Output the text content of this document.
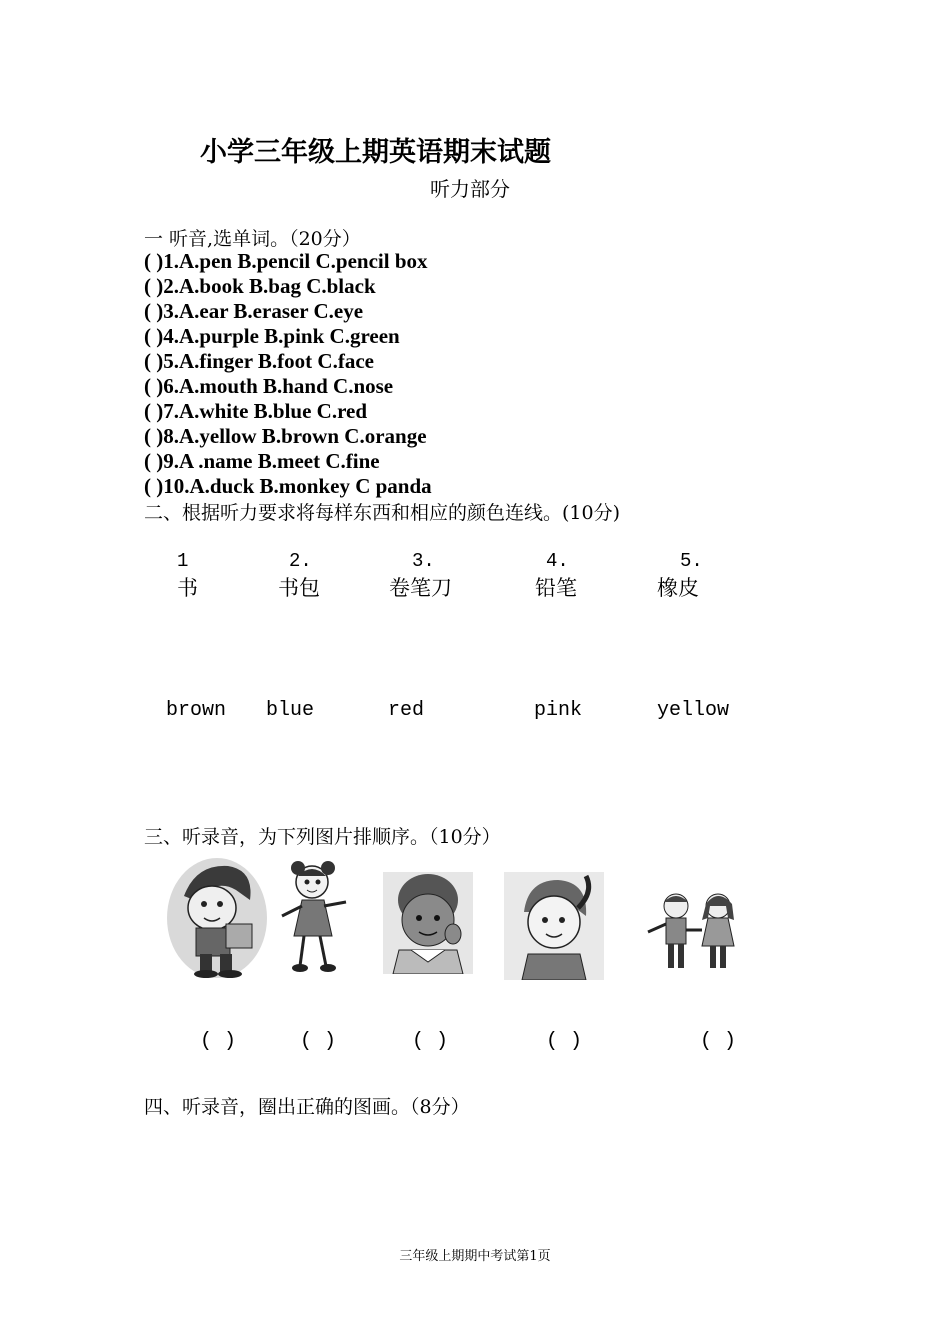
小学三年级上期英语期末试题
听力部分
一 听音,选单词。（20分）
( )1.A.pen B.pencil C.pencil box
( )2.A.book B.bag C.black
( )3.A.ear B.eraser C.eye
( )4.A.purple B.pink C.green
( )5.A.finger B.foot C.face
( )6.A.mouth B.hand C.nose
( )7.A.white B.blue C.red
( )8.A.yellow B.brown C.orange
( )9.A .name B.meet C.fine
( )10.A.duck B.monkey C panda
二、根据听力要求将每样东西和相应的颜色连线。(10分)
1	2.	3.	4.	5.
书	书包	卷笔刀	铅笔	橡皮
brown blue	red	pink	yellow
三、听录音，为下列图片排顺序。（10分）
( )	( )	( )	( )	( )
四、听录音，圈出正确的图画。（8分）
三年级上期期中考试第1页
